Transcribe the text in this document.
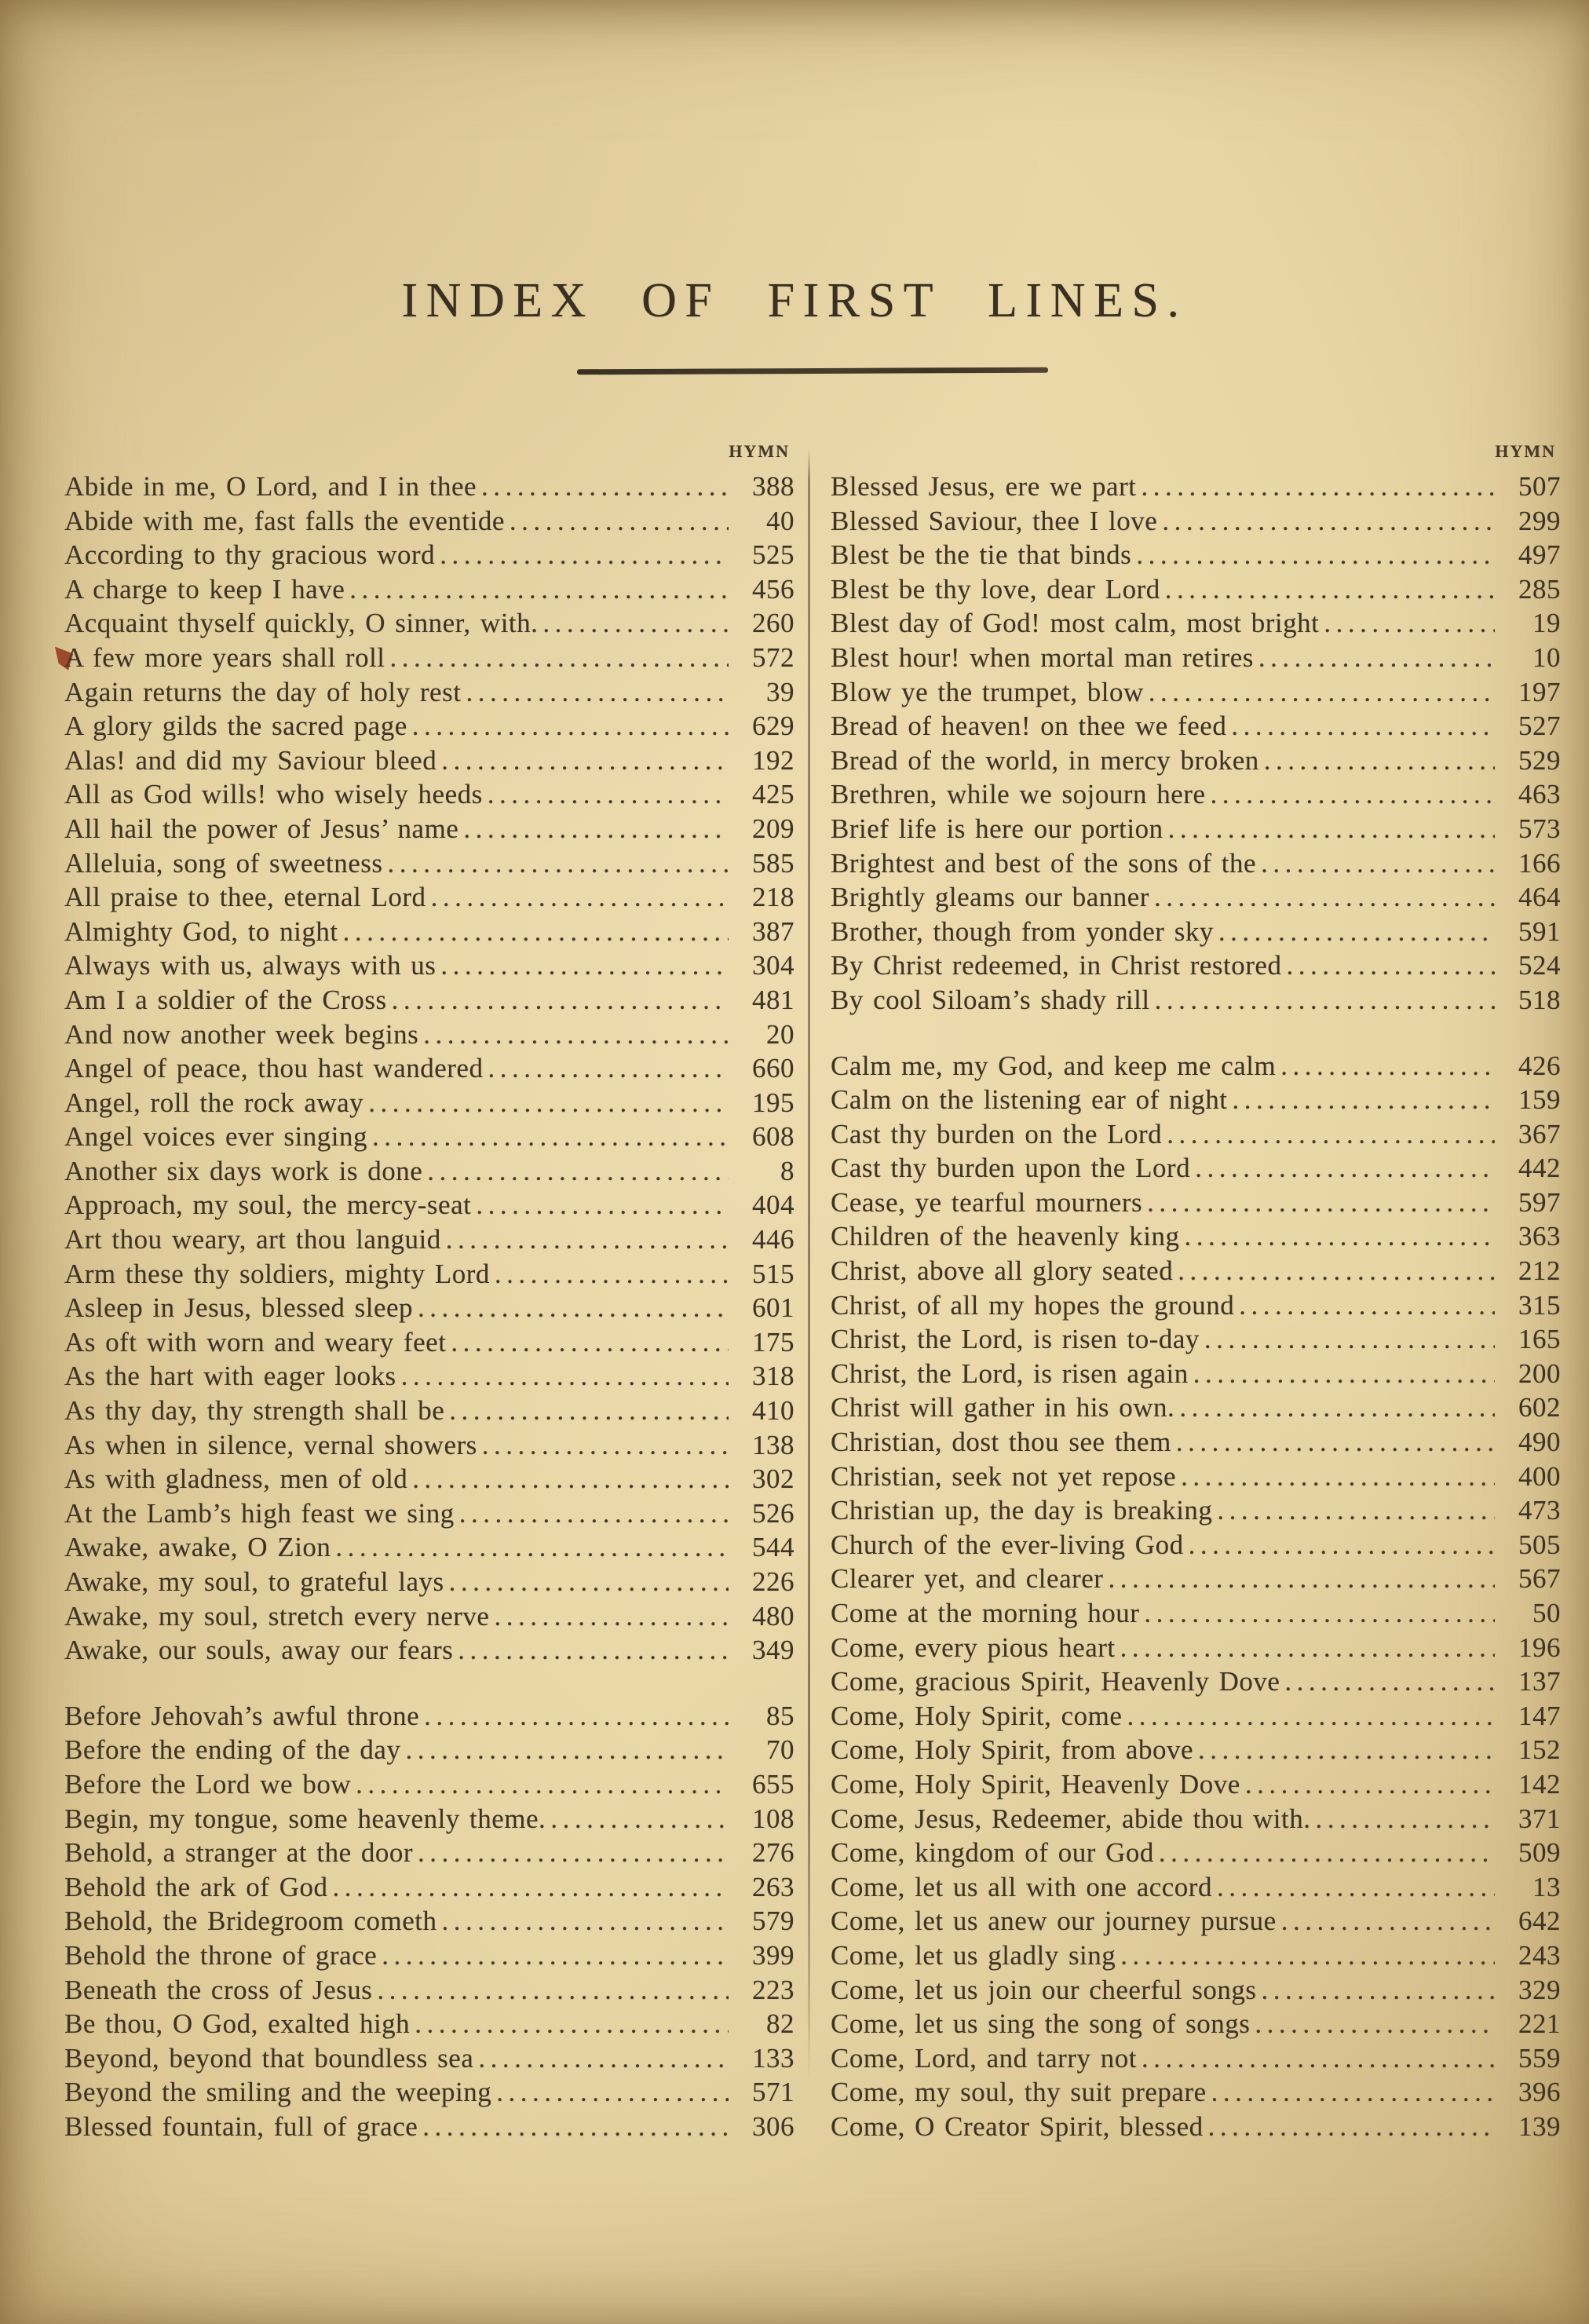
INDEX OF FIRST LINES.
HYMN
Abide in me, O Lord, and I in thee .....	388
Abide with me, fast falls the eventide .....	40
According to thy gracious word .....	525
A charge to keep I have .....	456
Acquaint thyself quickly, O sinner, with. .....	260
A few more years shall roll .....	572
Again returns the day of holy rest .....	39
A glory gilds the sacred page .....	629
Alas! and did my Saviour bleed .....	192
All as God wills! who wisely heeds .....	425
All hail the power of Jesus’ name .....	209
Alleluia, song of sweetness .....	585
All praise to thee, eternal Lord .....	218
Almighty God, to night .....	387
Always with us, always with us .....	304
Am I a soldier of the Cross .....	481
And now another week begins .....	20
Angel of peace, thou hast wandered .....	660
Angel, roll the rock away .....	195
Angel voices ever singing .....	608
Another six days work is done .....	8
Approach, my soul, the mercy-seat .....	404
Art thou weary, art thou languid .....	446
Arm these thy soldiers, mighty Lord .....	515
Asleep in Jesus, blessed sleep .....	601
As oft with worn and weary feet .....	175
As the hart with eager looks .....	318
As thy day, thy strength shall be .....	410
As when in silence, vernal showers .....	138
As with gladness, men of old .....	302
At the Lamb’s high feast we sing .....	526
Awake, awake, O Zion .....	544
Awake, my soul, to grateful lays .....	226
Awake, my soul, stretch every nerve .....	480
Awake, our souls, away our fears .....	349
Before Jehovah’s awful throne .....	85
Before the ending of the day .....	70
Before the Lord we bow .....	655
Begin, my tongue, some heavenly theme. .....	108
Behold, a stranger at the door .....	276
Behold the ark of God .....	263
Behold, the Bridegroom cometh .....	579
Behold the throne of grace .....	399
Beneath the cross of Jesus .....	223
Be thou, O God, exalted high .....	82
Beyond, beyond that boundless sea .....	133
Beyond the smiling and the weeping .....	571
Blessed fountain, full of grace .....	306
HYMN
Blessed Jesus, ere we part .....	507
Blessed Saviour, thee I love .....	299
Blest be the tie that binds .....	497
Blest be thy love, dear Lord .....	285
Blest day of God! most calm, most bright .....	19
Blest hour! when mortal man retires .....	10
Blow ye the trumpet, blow .....	197
Bread of heaven! on thee we feed .....	527
Bread of the world, in mercy broken .....	529
Brethren, while we sojourn here .....	463
Brief life is here our portion .....	573
Brightest and best of the sons of the .....	166
Brightly gleams our banner .....	464
Brother, though from yonder sky .....	591
By Christ redeemed, in Christ restored .....	524
By cool Siloam’s shady rill .....	518
Calm me, my God, and keep me calm .....	426
Calm on the listening ear of night .....	159
Cast thy burden on the Lord .....	367
Cast thy burden upon the Lord .....	442
Cease, ye tearful mourners .....	597
Children of the heavenly king .....	363
Christ, above all glory seated .....	212
Christ, of all my hopes the ground .....	315
Christ, the Lord, is risen to-day .....	165
Christ, the Lord, is risen again .....	200
Christ will gather in his own. .....	602
Christian, dost thou see them .....	490
Christian, seek not yet repose .....	400
Christian up, the day is breaking .....	473
Church of the ever-living God .....	505
Clearer yet, and clearer .....	567
Come at the morning hour .....	50
Come, every pious heart .....	196
Come, gracious Spirit, Heavenly Dove .....	137
Come, Holy Spirit, come .....	147
Come, Holy Spirit, from above .....	152
Come, Holy Spirit, Heavenly Dove .....	142
Come, Jesus, Redeemer, abide thou with. .....	371
Come, kingdom of our God .....	509
Come, let us all with one accord .....	13
Come, let us anew our journey pursue .....	642
Come, let us gladly sing .....	243
Come, let us join our cheerful songs .....	329
Come, let us sing the song of songs .....	221
Come, Lord, and tarry not .....	559
Come, my soul, thy suit prepare .....	396
Come, O Creator Spirit, blessed .....	139
